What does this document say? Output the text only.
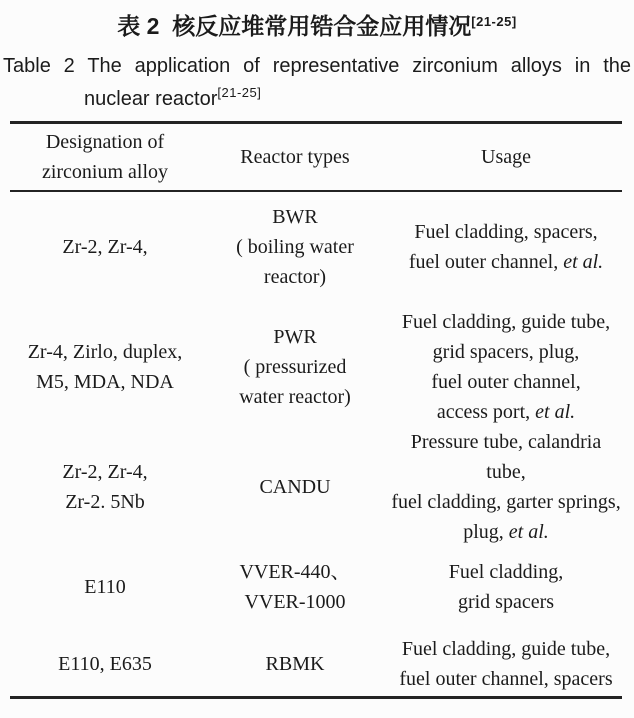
表 2  核反应堆常用锆合金应用情况[21-25]
Table 2 The application of representative zirconium alloys in the
nuclear reactor[21-25]
Designation of
zirconium alloy
Reactor types	Usage
Zr-2, Zr-4,
BWR
( boiling water
reactor)
Fuel cladding, spacers,
fuel outer channel, et al.
Zr-4, Zirlo, duplex,
M5, MDA, NDA
PWR
( pressurized
water reactor)
Fuel cladding, guide tube,
grid spacers, plug,
fuel outer channel,
access port, et al.
Zr-2, Zr-4,
Zr-2. 5Nb
CANDU
Pressure tube, calandria tube,
fuel cladding, garter springs,
plug, et al.
E110
VVER-440、
VVER-1000
Fuel cladding,
grid spacers
E110, E635	RBMK
Fuel cladding, guide tube,
fuel outer channel, spacers
